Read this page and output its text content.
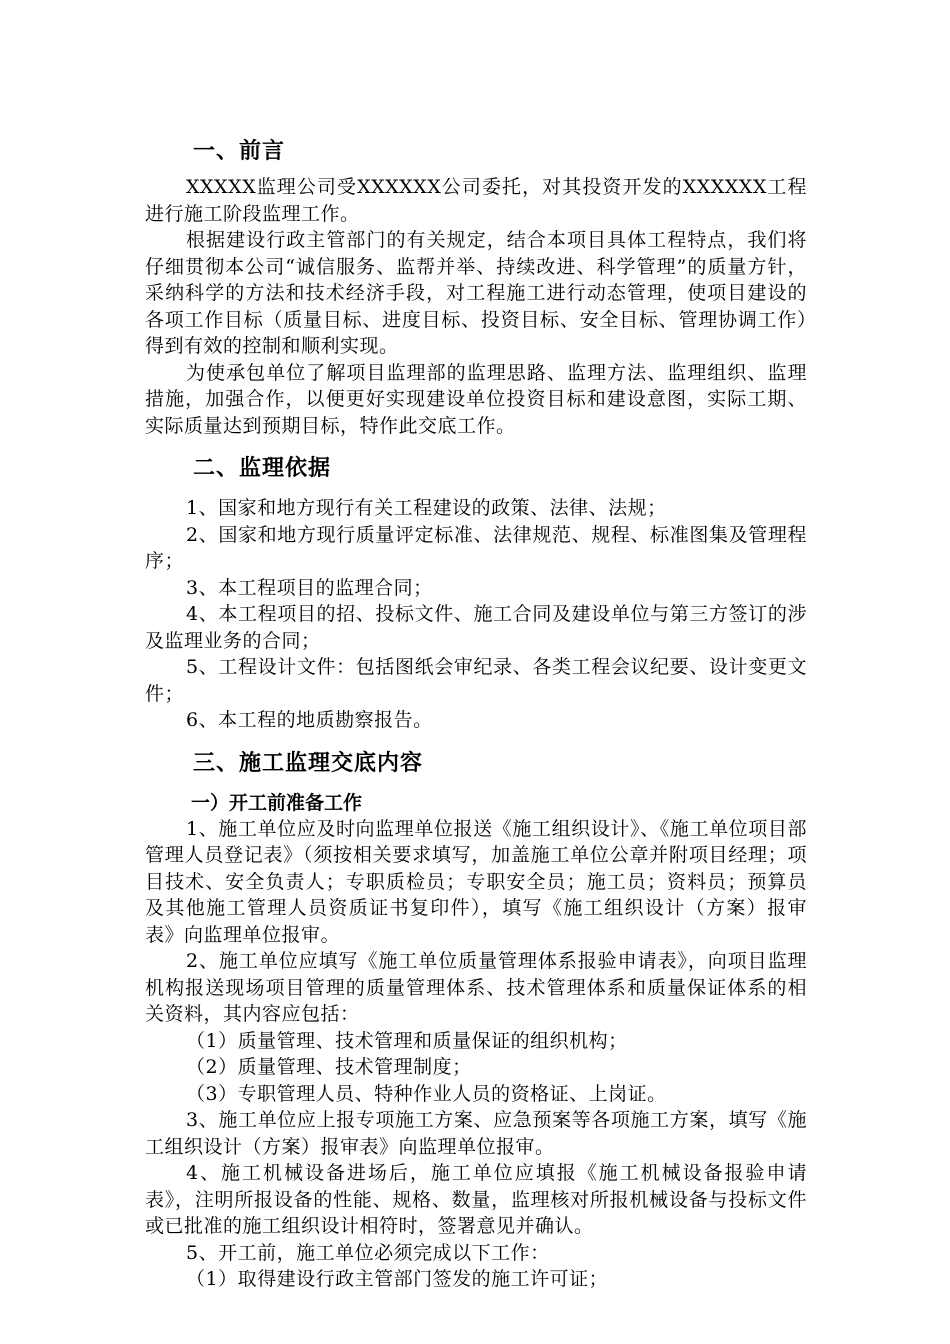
一、前言

XXXXX监理公司受XXXXXX公司委托，对其投资开发的XXXXXX工程进行施工阶段监理工作。

根据建设行政主管部门的有关规定，结合本项目具体工程特点，我们将仔细贯彻本公司“诚信服务、监帮并举、持续改进、科学管理”的质量方针，采纳科学的方法和技术经济手段，对工程施工进行动态管理，使项目建设的各项工作目标（质量目标、进度目标、投资目标、安全目标、管理协调工作）得到有效的控制和顺利实现。

为使承包单位了解项目监理部的监理思路、监理方法、监理组织、监理措施，加强合作，以便更好实现建设单位投资目标和建设意图，实际工期、实际质量达到预期目标，特作此交底工作。

二、监理依据

1、国家和地方现行有关工程建设的政策、法律、法规；

2、国家和地方现行质量评定标准、法律规范、规程、标准图集及管理程序；

3、本工程项目的监理合同；

4、本工程项目的招、投标文件、施工合同及建设单位与第三方签订的涉及监理业务的合同；

5、工程设计文件：包括图纸会审纪录、各类工程会议纪要、设计变更文件；

6、本工程的地质勘察报告。

三、施工监理交底内容
一）开工前准备工作

1、施工单位应及时向监理单位报送《施工组织设计》、《施工单位项目部管理人员登记表》（须按相关要求填写，加盖施工单位公章并附项目经理；项目技术、安全负责人；专职质检员；专职安全员；施工员；资料员；预算员及其他施工管理人员资质证书复印件），填写《施工组织设计（方案）报审表》向监理单位报审。

2、施工单位应填写《施工单位质量管理体系报验申请表》，向项目监理机构报送现场项目管理的质量管理体系、技术管理体系和质量保证体系的相关资料，其内容应包括：

（1）质量管理、技术管理和质量保证的组织机构；

（2）质量管理、技术管理制度；

（3）专职管理人员、特种作业人员的资格证、上岗证。

3、施工单位应上报专项施工方案、应急预案等各项施工方案，填写《施工组织设计（方案）报审表》向监理单位报审。

4、施工机械设备进场后，施工单位应填报《施工机械设备报验申请表》，注明所报设备的性能、规格、数量，监理核对所报机械设备与投标文件或已批准的施工组织设计相符时，签署意见并确认。

5、开工前，施工单位必须完成以下工作：

（1）取得建设行政主管部门签发的施工许可证；
